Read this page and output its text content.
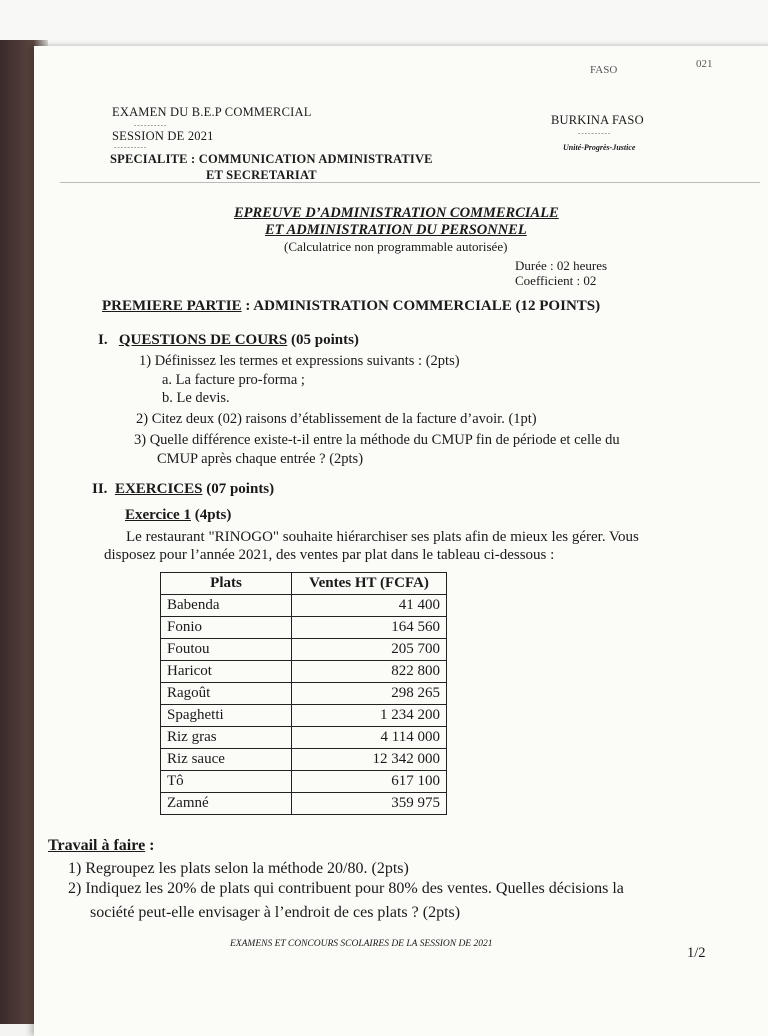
FASO	021
EXAMEN DU B.E.P COMMERCIAL
----------
SESSION DE 2021
----------
SPECIALITE : COMMUNICATION ADMINISTRATIVE
ET SECRETARIAT
BURKINA FASO
----------
Unité-Progrès-Justice
EPREUVE D’ADMINISTRATION COMMERCIALE
ET ADMINISTRATION DU PERSONNEL
(Calculatrice non programmable autorisée)
Durée : 02 heures
Coefficient : 02
PREMIERE PARTIE : ADMINISTRATION COMMERCIALE (12 POINTS)
I. QUESTIONS DE COURS (05 points)
1) Définissez les termes et expressions suivants : (2pts)
a. La facture pro-forma ;
b. Le devis.
2) Citez deux (02) raisons d’établissement de la facture d’avoir. (1pt)
3) Quelle différence existe-t-il entre la méthode du CMUP fin de période et celle du
CMUP après chaque entrée ? (2pts)
II. EXERCICES (07 points)
Exercice 1 (4pts)
Le restaurant "RINOGO" souhaite hiérarchiser ses plats afin de mieux les gérer. Vous
disposez pour l’année 2021, des ventes par plat dans le tableau ci-dessous :
Plats	Ventes HT (FCFA)
Babenda	41 400
Fonio	164 560
Foutou	205 700
Haricot	822 800
Ragoût	298 265
Spaghetti	1 234 200
Riz gras	4 114 000
Riz sauce	12 342 000
Tô	617 100
Zamné	359 975
Travail à faire :
1) Regroupez les plats selon la méthode 20/80. (2pts)
2) Indiquez les 20% de plats qui contribuent pour 80% des ventes. Quelles décisions la
société peut-elle envisager à l’endroit de ces plats ? (2pts)
EXAMENS ET CONCOURS SCOLAIRES DE LA SESSION DE 2021
1/2
